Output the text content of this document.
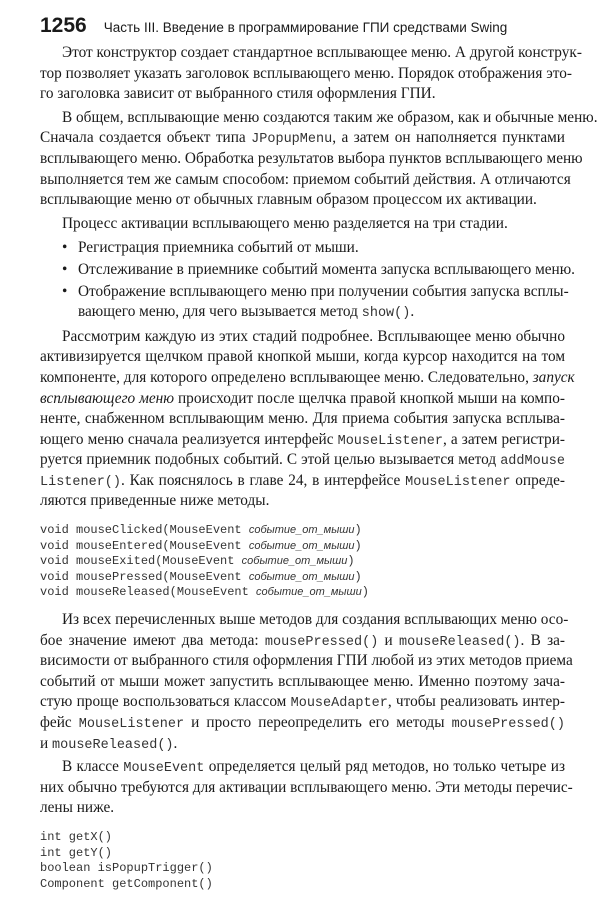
1256 Часть III. Введение в программирование ГПИ средствами Swing
Этот конструктор создает стандартное всплывающее меню. А другой конструк-
тор позволяет указать заголовок всплывающего меню. Порядок отображения это-
го заголовка зависит от выбранного стиля оформления ГПИ.
В общем, всплывающие меню создаются таким же образом, как и обычные меню.
Сначала создается объект типа JPopupMenu, а затем он наполняется пунктами
всплывающего меню. Обработка результатов выбора пунктов всплывающего меню
выполняется тем же самым способом: приемом событий действия. А отличаются
всплывающие меню от обычных главным образом процессом их активации.
Процесс активации всплывающего меню разделяется на три стадии.
• Регистрация приемника событий от мыши.
• Отслеживание в приемнике событий момента запуска всплывающего меню.
• Отображение всплывающего меню при получении события запуска всплы-
вающего меню, для чего вызывается метод show().
Рассмотрим каждую из этих стадий подробнее. Всплывающее меню обычно
активизируется щелчком правой кнопкой мыши, когда курсор находится на том
компоненте, для которого определено всплывающее меню. Следовательно, запуск
всплывающего меню происходит после щелчка правой кнопкой мыши на компо-
ненте, снабженном всплывающим меню. Для приема события запуска всплыва-
ющего меню сначала реализуется интерфейс MouseListener, а затем регистри-
руется приемник подобных событий. С этой целью вызывается метод addMouse
Listener(). Как пояснялось в главе 24, в интерфейсе MouseListener опреде-
ляются приведенные ниже методы.
void mouseClicked(MouseEvent событие_от_мыши)
void mouseEntered(MouseEvent событие_от_мыши)
void mouseExited(MouseEvent событие_от_мыши)
void mousePressed(MouseEvent событие_от_мыши)
void mouseReleased(MouseEvent событие_от_мыши)
Из всех перечисленных выше методов для создания всплывающих меню осо-
бое значение имеют два метода: mousePressed() и mouseReleased(). В за-
висимости от выбранного стиля оформления ГПИ любой из этих методов приема
событий от мыши может запустить всплывающее меню. Именно поэтому зача-
стую проще воспользоваться классом MouseAdapter, чтобы реализовать интер-
фейс MouseListener и просто переопределить его методы mousePressed()
и mouseReleased().
В классе MouseEvent определяется целый ряд методов, но только четыре из
них обычно требуются для активации всплывающего меню. Эти методы перечис-
лены ниже.
int getX()
int getY()
boolean isPopupTrigger()
Component getComponent()
